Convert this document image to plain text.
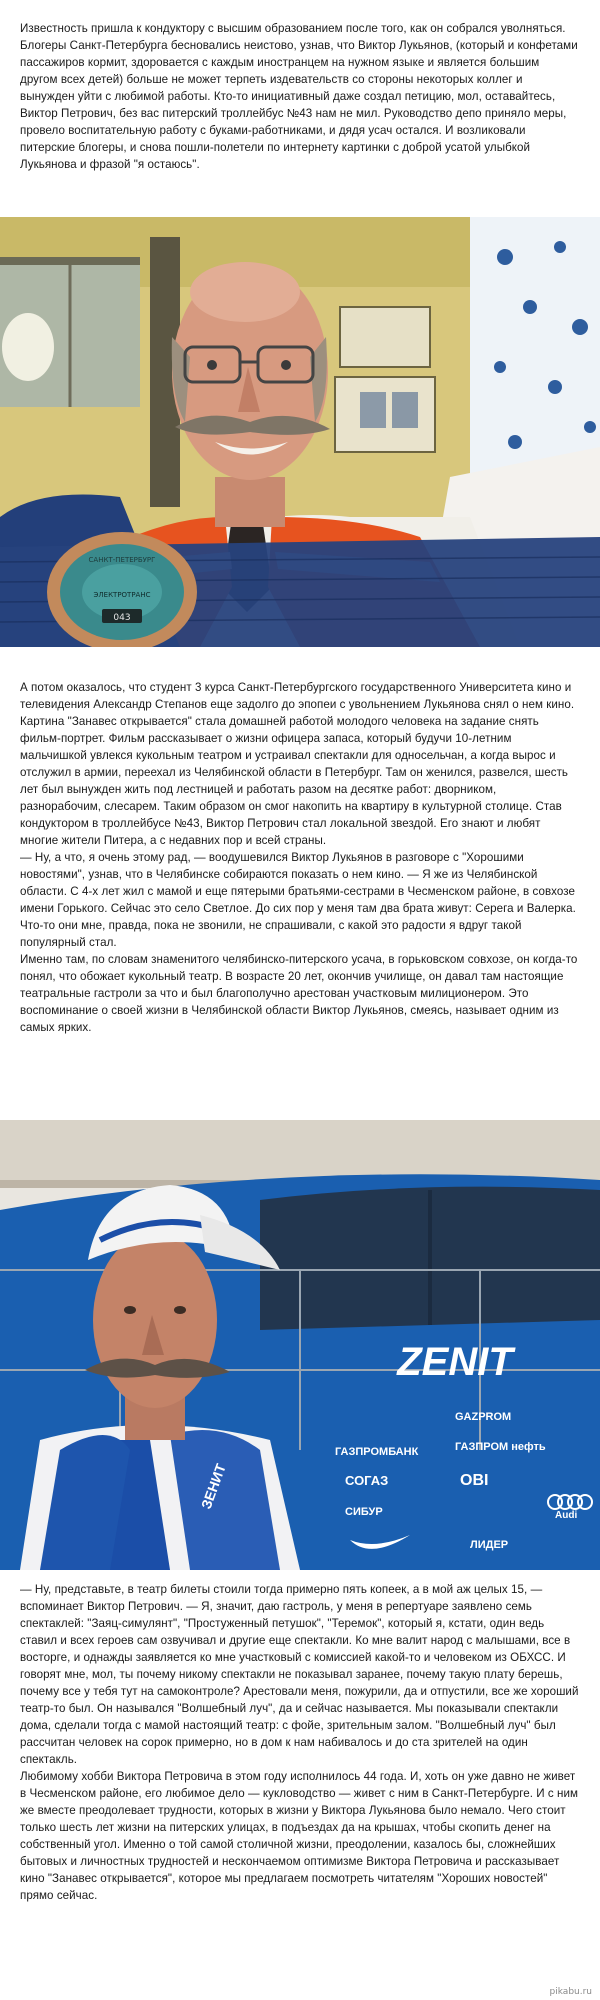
Известность пришла к кондуктору с высшим образованием после того, как он собрался уволняться. Блогеры Санкт-Петербурга бесновались неистово, узнав, что Виктор Лукьянов, (который и конфетами пассажиров кормит, здоровается с каждым иностранцем на нужном языке и является большим другом всех детей) больше не может терпеть издевательств со стороны некоторых коллег и вынужден уйти с любимой работы. Кто-то инициативный даже создал петицию, мол, оставайтесь, Виктор Петрович, без вас питерский троллейбус №43 нам не мил. Руководство депо приняло меры, провело воспитательную работу с буками-работниками, и дядя усач остался. И возликовали питерские блогеры, и снова пошли-полетели по интернету картинки с доброй усатой улыбкой Лукьянова и фразой "я остаюсь".

САНКТ-ПЕТЕРБУРГ
ЭЛЕКТРОТРАНС
043

А потом оказалось, что студент 3 курса Санкт-Петербургского государственного Университета кино и телевидения Александр Степанов еще задолго до эпопеи с увольнением Лукьянова снял о нем кино. Картина "Занавес открывается" стала домашней работой молодого человека на задание снять фильм-портрет. Фильм рассказывает о жизни офицера запаса, который будучи 10-летним мальчишкой увлекся кукольным театром и устраивал спектакли для односельчан, а когда вырос и отслужил в армии, переехал из Челябинской области в Петербург. Там он женился, развелся, шесть лет был вынужден жить под лестницей и работать разом на десятке работ: дворником, разнорабочим, слесарем. Таким образом он смог накопить на квартиру в культурной столице. Став кондуктором в троллейбусе №43, Виктор Петрович стал локальной звездой. Его знают и любят многие жители Питера, а с недавних пор и всей страны.

— Ну, а что, я очень этому рад, — воодушевился Виктор Лукьянов в разговоре с "Хорошими новостями", узнав, что в Челябинске собираются показать о нем кино. — Я же из Челябинской области. С 4-х лет жил с мамой и еще пятерыми братьями-сестрами в Чесменском районе, в совхозе имени Горького. Сейчас это село Светлое. До сих пор у меня там два брата живут: Серега и Валерка. Что-то они мне, правда, пока не звонили, не спрашивали, с какой это радости я вдруг такой популярный стал.

Именно там, по словам знаменитого челябинско-питерского усача, в горьковском совхозе, он когда-то понял, что обожает кукольный театр. В возрасте 20 лет, окончив училище, он давал там настоящие театральные гастроли за что и был благополучно арестован участковым милиционером. Это воспоминание о своей жизни в Челябинской области Виктор Лукьянов, смеясь, называет одним из самых ярких.

ZENIT
GAZPROM
ГАЗПРОМБАНК	ГАЗПРОМ нефть
СОГАЗ	OBI
СИБУР	Audi
ЛИДЕР
ЗЕНИТ

— Ну, представьте, в театр билеты стоили тогда примерно пять копеек, а в мой аж целых 15, — вспоминает Виктор Петрович. — Я, значит, даю гастроль, у меня в репертуаре заявлено семь спектаклей: "Заяц-симулянт", "Простуженный петушок", "Теремок", который я, кстати, один ведь ставил и всех героев сам озвучивал и другие еще спектакли. Ко мне валит народ с малышами, все в восторге, и однажды заявляется ко мне участковый с комиссией какой-то и человеком из ОБХСС. И говорят мне, мол, ты почему никому спектакли не показывал заранее, почему такую плату берешь, почему все у тебя тут на самоконтроле? Арестовали меня, пожурили, да и отпустили, все же хороший театр-то был. Он назывался "Волшебный луч", да и сейчас называется. Мы показывали спектакли дома, сделали тогда с мамой настоящий театр: с фойе, зрительным залом. "Волшебный луч" был рассчитан человек на сорок примерно, но в дом к нам набивалось и до ста зрителей на один спектакль.

Любимому хобби Виктора Петровича в этом году исполнилось 44 года. И, хоть он уже давно не живет в Чесменском районе, его любимое дело — кукловодство — живет с ним в Санкт-Петербурге. И с ним же вместе преодолевает трудности, которых в жизни у Виктора Лукьянова было немало. Чего стоит только шесть лет жизни на питерских улицах, в подъездах да на крышах, чтобы скопить денег на собственный угол. Именно о той самой столичной жизни, преодолении, казалось бы, сложнейших бытовых и личностных трудностей и нескончаемом оптимизме Виктора Петровича и рассказывает кино "Занавес открывается", которое мы предлагаем посмотреть читателям "Хороших новостей" прямо сейчас.

pikabu.ru
